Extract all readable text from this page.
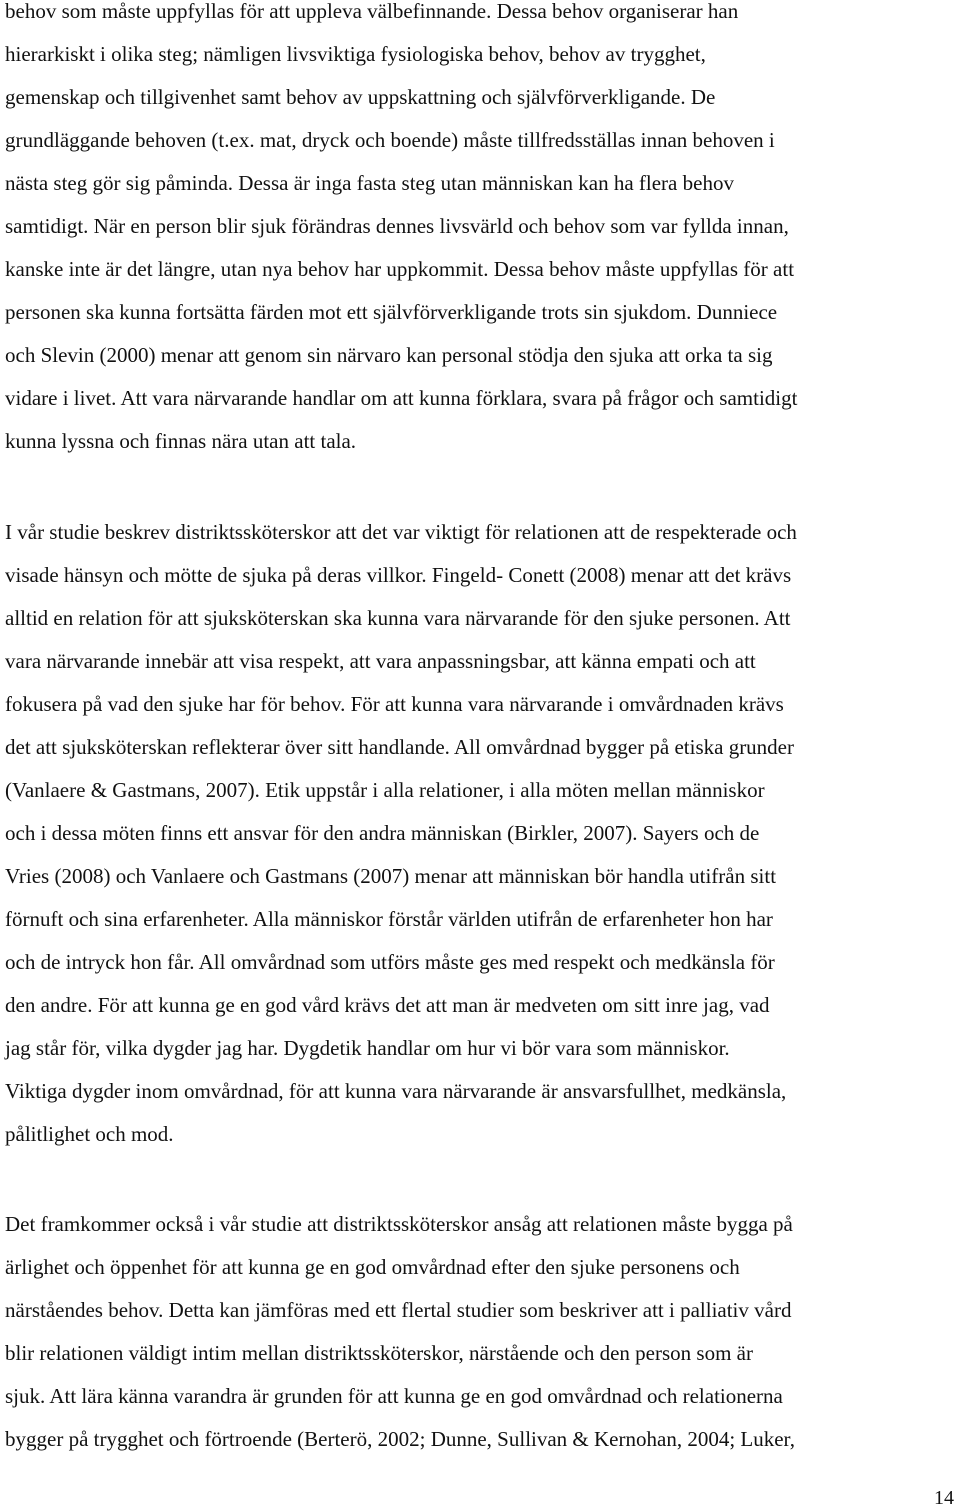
behov som måste uppfyllas för att uppleva välbefinnande. Dessa behov organiserar han
hierarkiskt i olika steg; nämligen livsviktiga fysiologiska behov, behov av trygghet,
gemenskap och tillgivenhet samt behov av uppskattning och självförverkligande. De
grundläggande behoven (t.ex. mat, dryck och boende) måste tillfredsställas innan behoven i
nästa steg gör sig påminda. Dessa är inga fasta steg utan människan kan ha flera behov
samtidigt. När en person blir sjuk förändras dennes livsvärld och behov som var fyllda innan,
kanske inte är det längre, utan nya behov har uppkommit. Dessa behov måste uppfyllas för att
personen ska kunna fortsätta färden mot ett självförverkligande trots sin sjukdom. Dunniece
och Slevin (2000) menar att genom sin närvaro kan personal stödja den sjuka att orka ta sig
vidare i livet. Att vara närvarande handlar om att kunna förklara, svara på frågor och samtidigt
kunna lyssna och finnas nära utan att tala.
I vår studie beskrev distriktssköterskor att det var viktigt för relationen att de respekterade och
visade hänsyn och mötte de sjuka på deras villkor. Fingeld- Conett (2008) menar att det krävs
alltid en relation för att sjuksköterskan ska kunna vara närvarande för den sjuke personen. Att
vara närvarande innebär att visa respekt, att vara anpassningsbar, att känna empati och att
fokusera på vad den sjuke har för behov. För att kunna vara närvarande i omvårdnaden krävs
det att sjuksköterskan reflekterar över sitt handlande. All omvårdnad bygger på etiska grunder
(Vanlaere & Gastmans, 2007). Etik uppstår i alla relationer, i alla möten mellan människor
och i dessa möten finns ett ansvar för den andra människan (Birkler, 2007). Sayers och de
Vries (2008) och Vanlaere och Gastmans (2007) menar att människan bör handla utifrån sitt
förnuft och sina erfarenheter. Alla människor förstår världen utifrån de erfarenheter hon har
och de intryck hon får. All omvårdnad som utförs måste ges med respekt och medkänsla för
den andre. För att kunna ge en god vård krävs det att man är medveten om sitt inre jag, vad
jag står för, vilka dygder jag har. Dygdetik handlar om hur vi bör vara som människor.
Viktiga dygder inom omvårdnad, för att kunna vara närvarande är ansvarsfullhet, medkänsla,
pålitlighet och mod.
Det framkommer också i vår studie att distriktssköterskor ansåg att relationen måste bygga på
ärlighet och öppenhet för att kunna ge en god omvårdnad efter den sjuke personens och
närståendes behov. Detta kan jämföras med ett flertal studier som beskriver att i palliativ vård
blir relationen väldigt intim mellan distriktssköterskor, närstående och den person som är
sjuk. Att lära känna varandra är grunden för att kunna ge en god omvårdnad och relationerna
bygger på trygghet och förtroende (Berterö, 2002; Dunne, Sullivan & Kernohan, 2004; Luker,
14
